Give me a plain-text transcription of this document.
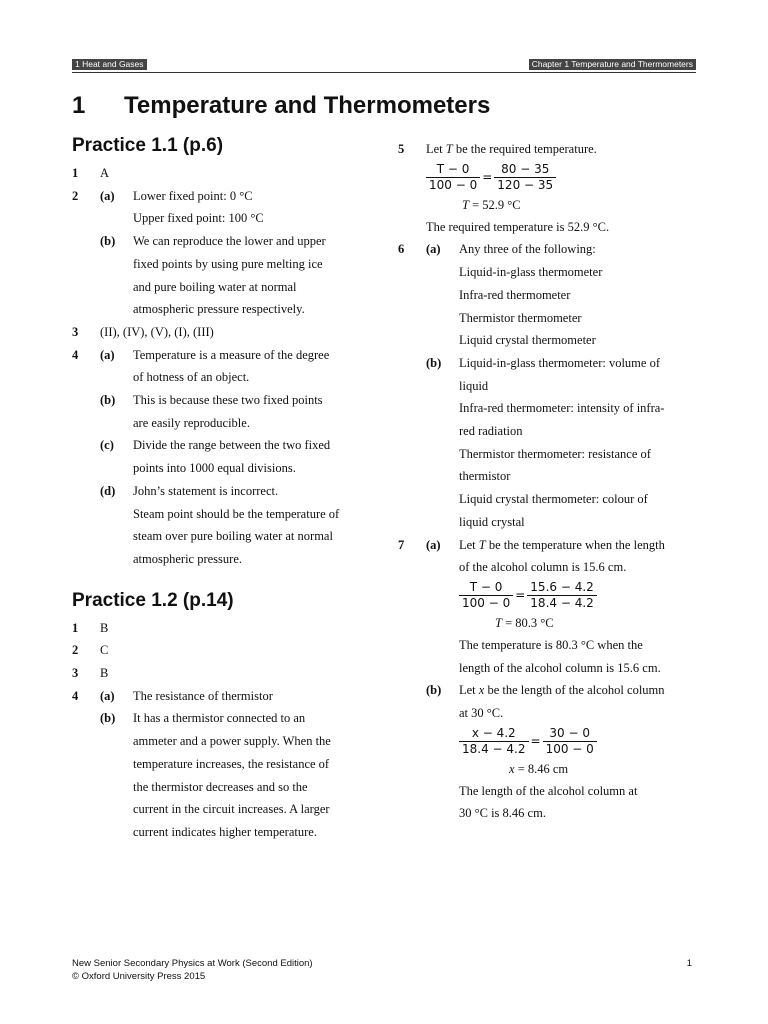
1 Heat and Gases	Chapter 1 Temperature and Thermometers
1 Temperature and Thermometers
Practice 1.1 (p.6)
1 A
2 (a) Lower fixed point: 0 °C
Upper fixed point: 100 °C
(b) We can reproduce the lower and upper
fixed points by using pure melting ice
and pure boiling water at normal
atmospheric pressure respectively.
3 (II), (IV), (V), (I), (III)
4 (a) Temperature is a measure of the degree
of hotness of an object.
(b) This is because these two fixed points
are easily reproducible.
(c) Divide the range between the two fixed
points into 1000 equal divisions.
(d) John’s statement is incorrect.
Steam point should be the temperature of
steam over pure boiling water at normal
atmospheric pressure.
Practice 1.2 (p.14)
1 B
2 C
3 B
4 (a) The resistance of thermistor
(b) It has a thermistor connected to an
ammeter and a power supply. When the
temperature increases, the resistance of
the thermistor decreases and so the
current in the circuit increases. A larger
current indicates higher temperature.
5 Let T be the required temperature.
$\frac{T - 0}{100 - 0} = \frac{80 - 35}{120 - 35}$
T = 52.9 °C
The required temperature is 52.9 °C.
6 (a) Any three of the following:
Liquid-in-glass thermometer
Infra-red thermometer
Thermistor thermometer
Liquid crystal thermometer
(b) Liquid-in-glass thermometer: volume of
liquid
Infra-red thermometer: intensity of infra-
red radiation
Thermistor thermometer: resistance of
thermistor
Liquid crystal thermometer: colour of
liquid crystal
7 (a) Let T be the temperature when the length
of the alcohol column is 15.6 cm.
$\frac{T - 0}{100 - 0} = \frac{15.6 - 4.2}{18.4 - 4.2}$
T = 80.3 °C
The temperature is 80.3 °C when the
length of the alcohol column is 15.6 cm.
(b) Let x be the length of the alcohol column
at 30 °C.
$\frac{x - 4.2}{18.4 - 4.2} = \frac{30 - 0}{100 - 0}$
x = 8.46 cm
The length of the alcohol column at
30 °C is 8.46 cm.
New Senior Secondary Physics at Work (Second Edition)
© Oxford University Press 2015
1
